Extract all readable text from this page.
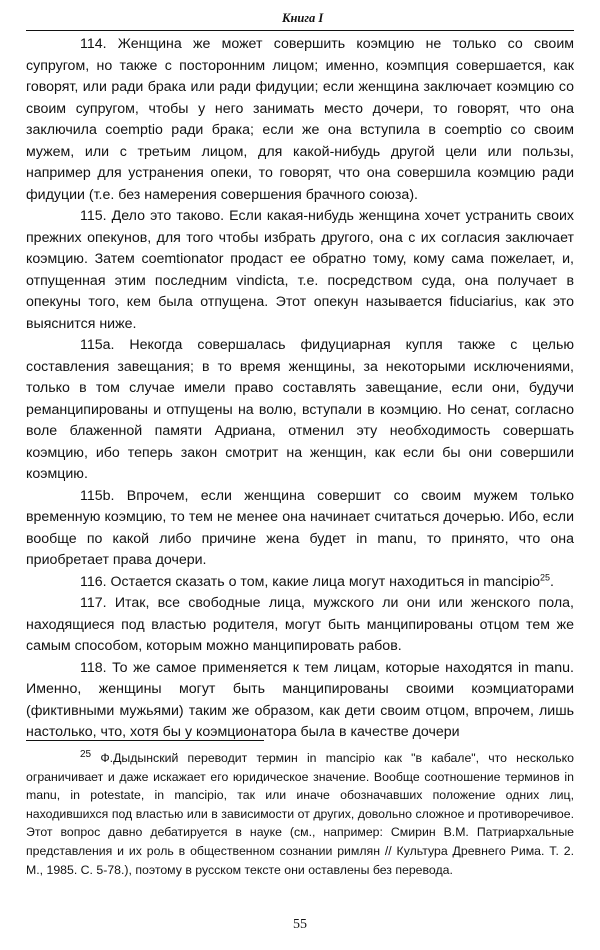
Книга I

114. Женщина же может совершить коэмцию не только со своим супругом, но также с посторонним лицом; именно, коэмпция совершается, как говорят, или ради брака или ради фидуции; если женщина заключает коэмцию со своим супругом, чтобы у него занимать место дочери, то говорят, что она заключила coemptio ради брака; если же она вступила в coemptio со своим мужем, или с третьим лицом, для какой-нибудь другой цели или пользы, например для устранения опеки, то говорят, что она совершила коэмцию ради фидуции (т.е. без намерения совершения брачного союза).

115. Дело это таково. Если какая-нибудь женщина хочет устранить своих прежних опекунов, для того чтобы избрать другого, она с их согласия заключает коэмцию. Затем coemtionator продаст ее обратно тому, кому сама пожелает, и, отпущенная этим последним vindicta, т.е. посредством суда, она получает в опекуны того, кем была отпущена. Этот опекун называется fiduciarius, как это выяснится ниже.

115a. Некогда совершалась фидуциарная купля также с целью составления завещания; в то время женщины, за некоторыми исключениями, только в том случае имели право составлять завещание, если они, будучи реманципированы и отпущены на волю, вступали в коэмцию. Но сенат, согласно воле блаженной памяти Адриана, отменил эту необходимость совершать коэмцию, ибо теперь закон смотрит на женщин, как если бы они совершили коэмцию.

115b. Впрочем, если женщина совершит со своим мужем только временную коэмцию, то тем не менее она начинает считаться дочерью. Ибо, если вообще по какой либо причине жена будет in manu, то принято, что она приобретает права дочери.

116. Остается сказать о том, какие лица могут находиться in mancipio$^{25}$.

117. Итак, все свободные лица, мужского ли они или женского пола, находящиеся под властью родителя, могут быть манципированы отцом тем же самым способом, которым можно манципировать рабов.

118. То же самое применяется к тем лицам, которые находятся in manu. Именно, женщины могут быть манципированы своими коэмциаторами (фиктивными мужьями) таким же образом, как дети своим отцом, впрочем, лишь настолько, что, хотя бы у коэмционатора была в качестве дочери

$^{25}$ Ф.Дыдынский переводит термин in mancipio как "в кабале", что несколько ограничивает и даже искажает его юридическое значение. Вообще соотношение терминов in manu, in potestate, in mancipio, так или иначе обозначавших положение одних лиц, находившихся под властью или в зависимости от других, довольно сложное и противоречивое. Этот вопрос давно дебатируется в науке (см., например: Смирин В.М. Патриархальные представления и их роль в общественном сознании римлян // Культура Древнего Рима. Т. 2. М., 1985. С. 5-78.), поэтому в русском тексте они оставлены без перевода.

55
